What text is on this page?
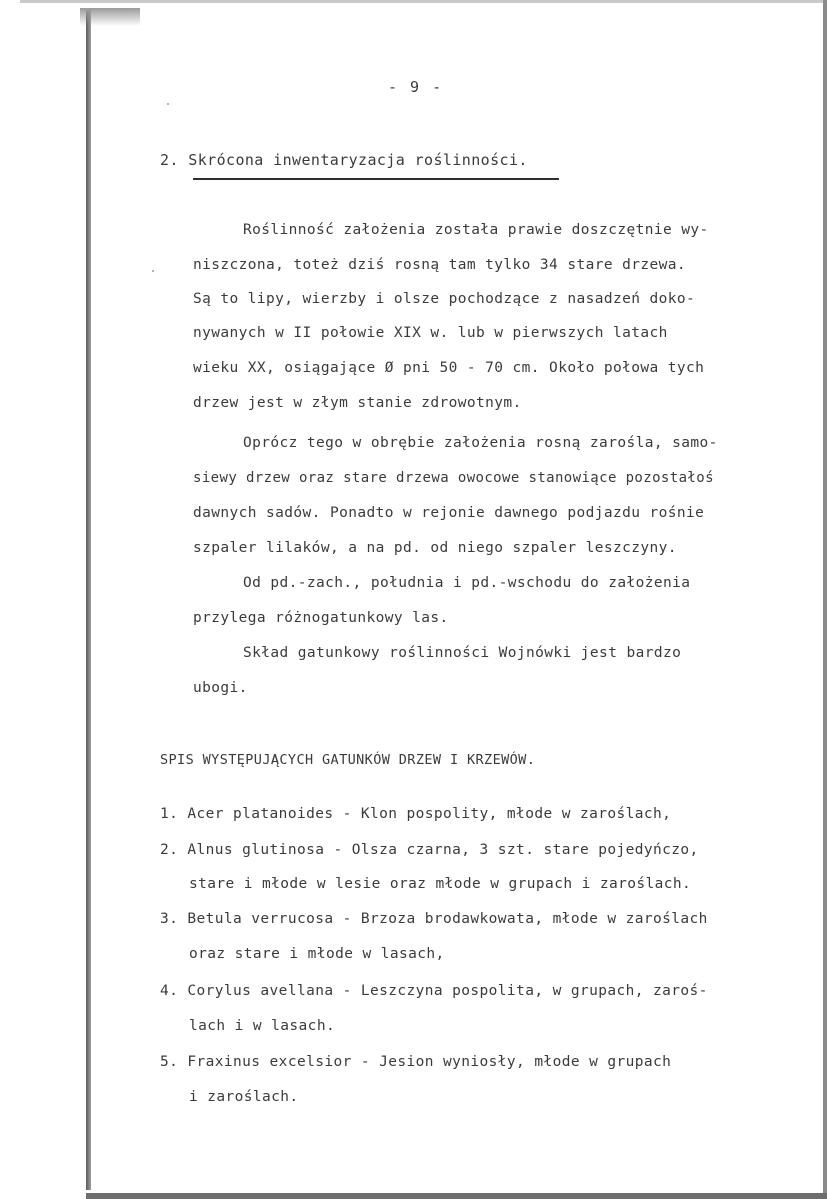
- 9 -
2. Skrócona inwentaryzacja roślinności.
Roślinność założenia została prawie doszczętnie wy-
niszczona, toteż dziś rosną tam tylko 34 stare drzewa.
Są to lipy, wierzby i olsze pochodzące z nasadzeń doko-
nywanych w II połowie XIX w. lub w pierwszych latach
wieku XX, osiągające Ø pni 50 - 70 cm. Około połowa tych
drzew jest w złym stanie zdrowotnym.
Oprócz tego w obrębie założenia rosną zarośla, samo-
siewy drzew oraz stare drzewa owocowe stanowiące pozostałoś
dawnych sadów. Ponadto w rejonie dawnego podjazdu rośnie
szpaler lilaków, a na pd. od niego szpaler leszczyny.
Od pd.-zach., południa i pd.-wschodu do założenia
przylega różnogatunkowy las.
Skład gatunkowy roślinności Wojnówki jest bardzo
ubogi.
SPIS WYSTĘPUJĄCYCH GATUNKÓW DRZEW I KRZEWÓW.
1. Acer platanoides - Klon pospolity, młode w zaroślach,
2. Alnus glutinosa - Olsza czarna, 3 szt. stare pojedyńczo,
stare i młode w lesie oraz młode w grupach i zaroślach.
3. Betula verrucosa - Brzoza brodawkowata, młode w zaroślach
oraz stare i młode w lasach,
4. Corylus avellana - Leszczyna pospolita, w grupach, zaroś-
lach i w lasach.
5. Fraxinus excelsior - Jesion wyniosły, młode w grupach
i zaroślach.
